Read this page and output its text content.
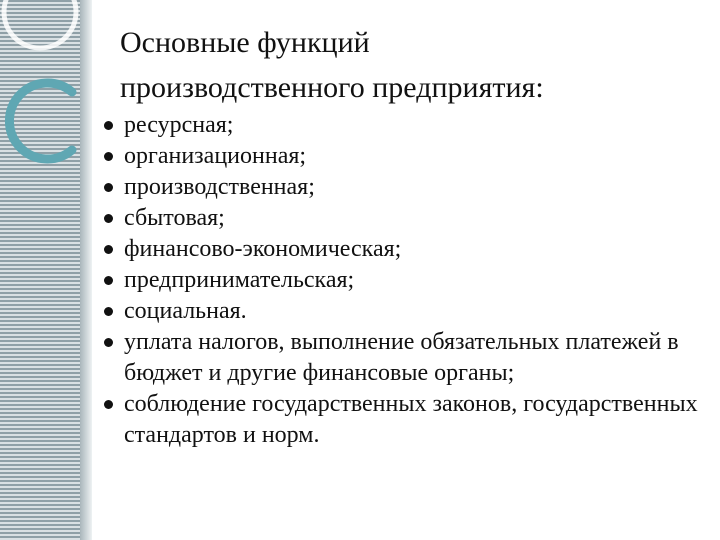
Основные функций
производственного предприятия:
ресурсная;
организационная;
производственная;
сбытовая;
финансово-экономическая;
предпринимательская;
социальная.
уплата налогов, выполнение обязательных платежей в бюджет и другие финансовые органы;
соблюдение государственных законов, государственных стандартов и норм.
